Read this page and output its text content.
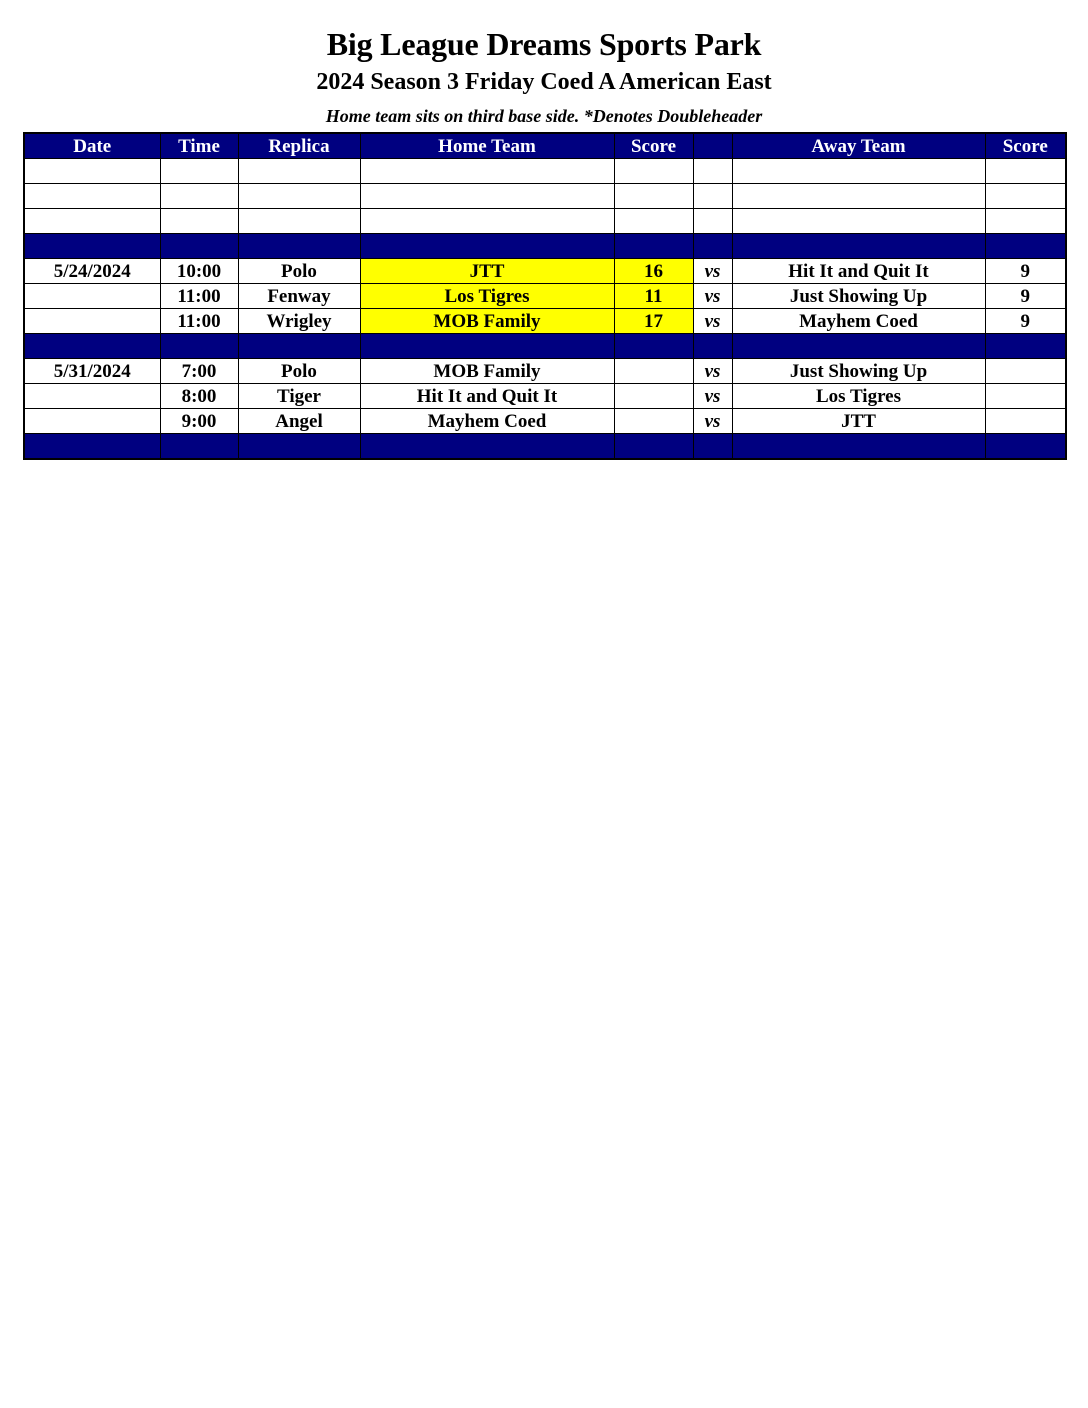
Big League Dreams Sports Park
2024 Season 3 Friday Coed A American East
Home team sits on third base side. *Denotes Doubleheader
Date	Time	Replica	Home Team	Score		Away Team	Score

5/24/2024	10:00	Polo	JTT	16	vs	Hit It and Quit It	9
	11:00	Fenway	Los Tigres	11	vs	Just Showing Up	9
	11:00	Wrigley	MOB Family	17	vs	Mayhem Coed	9

5/31/2024	7:00	Polo	MOB Family		vs	Just Showing Up	
	8:00	Tiger	Hit It and Quit It		vs	Los Tigres	
	9:00	Angel	Mayhem Coed		vs	JTT	
